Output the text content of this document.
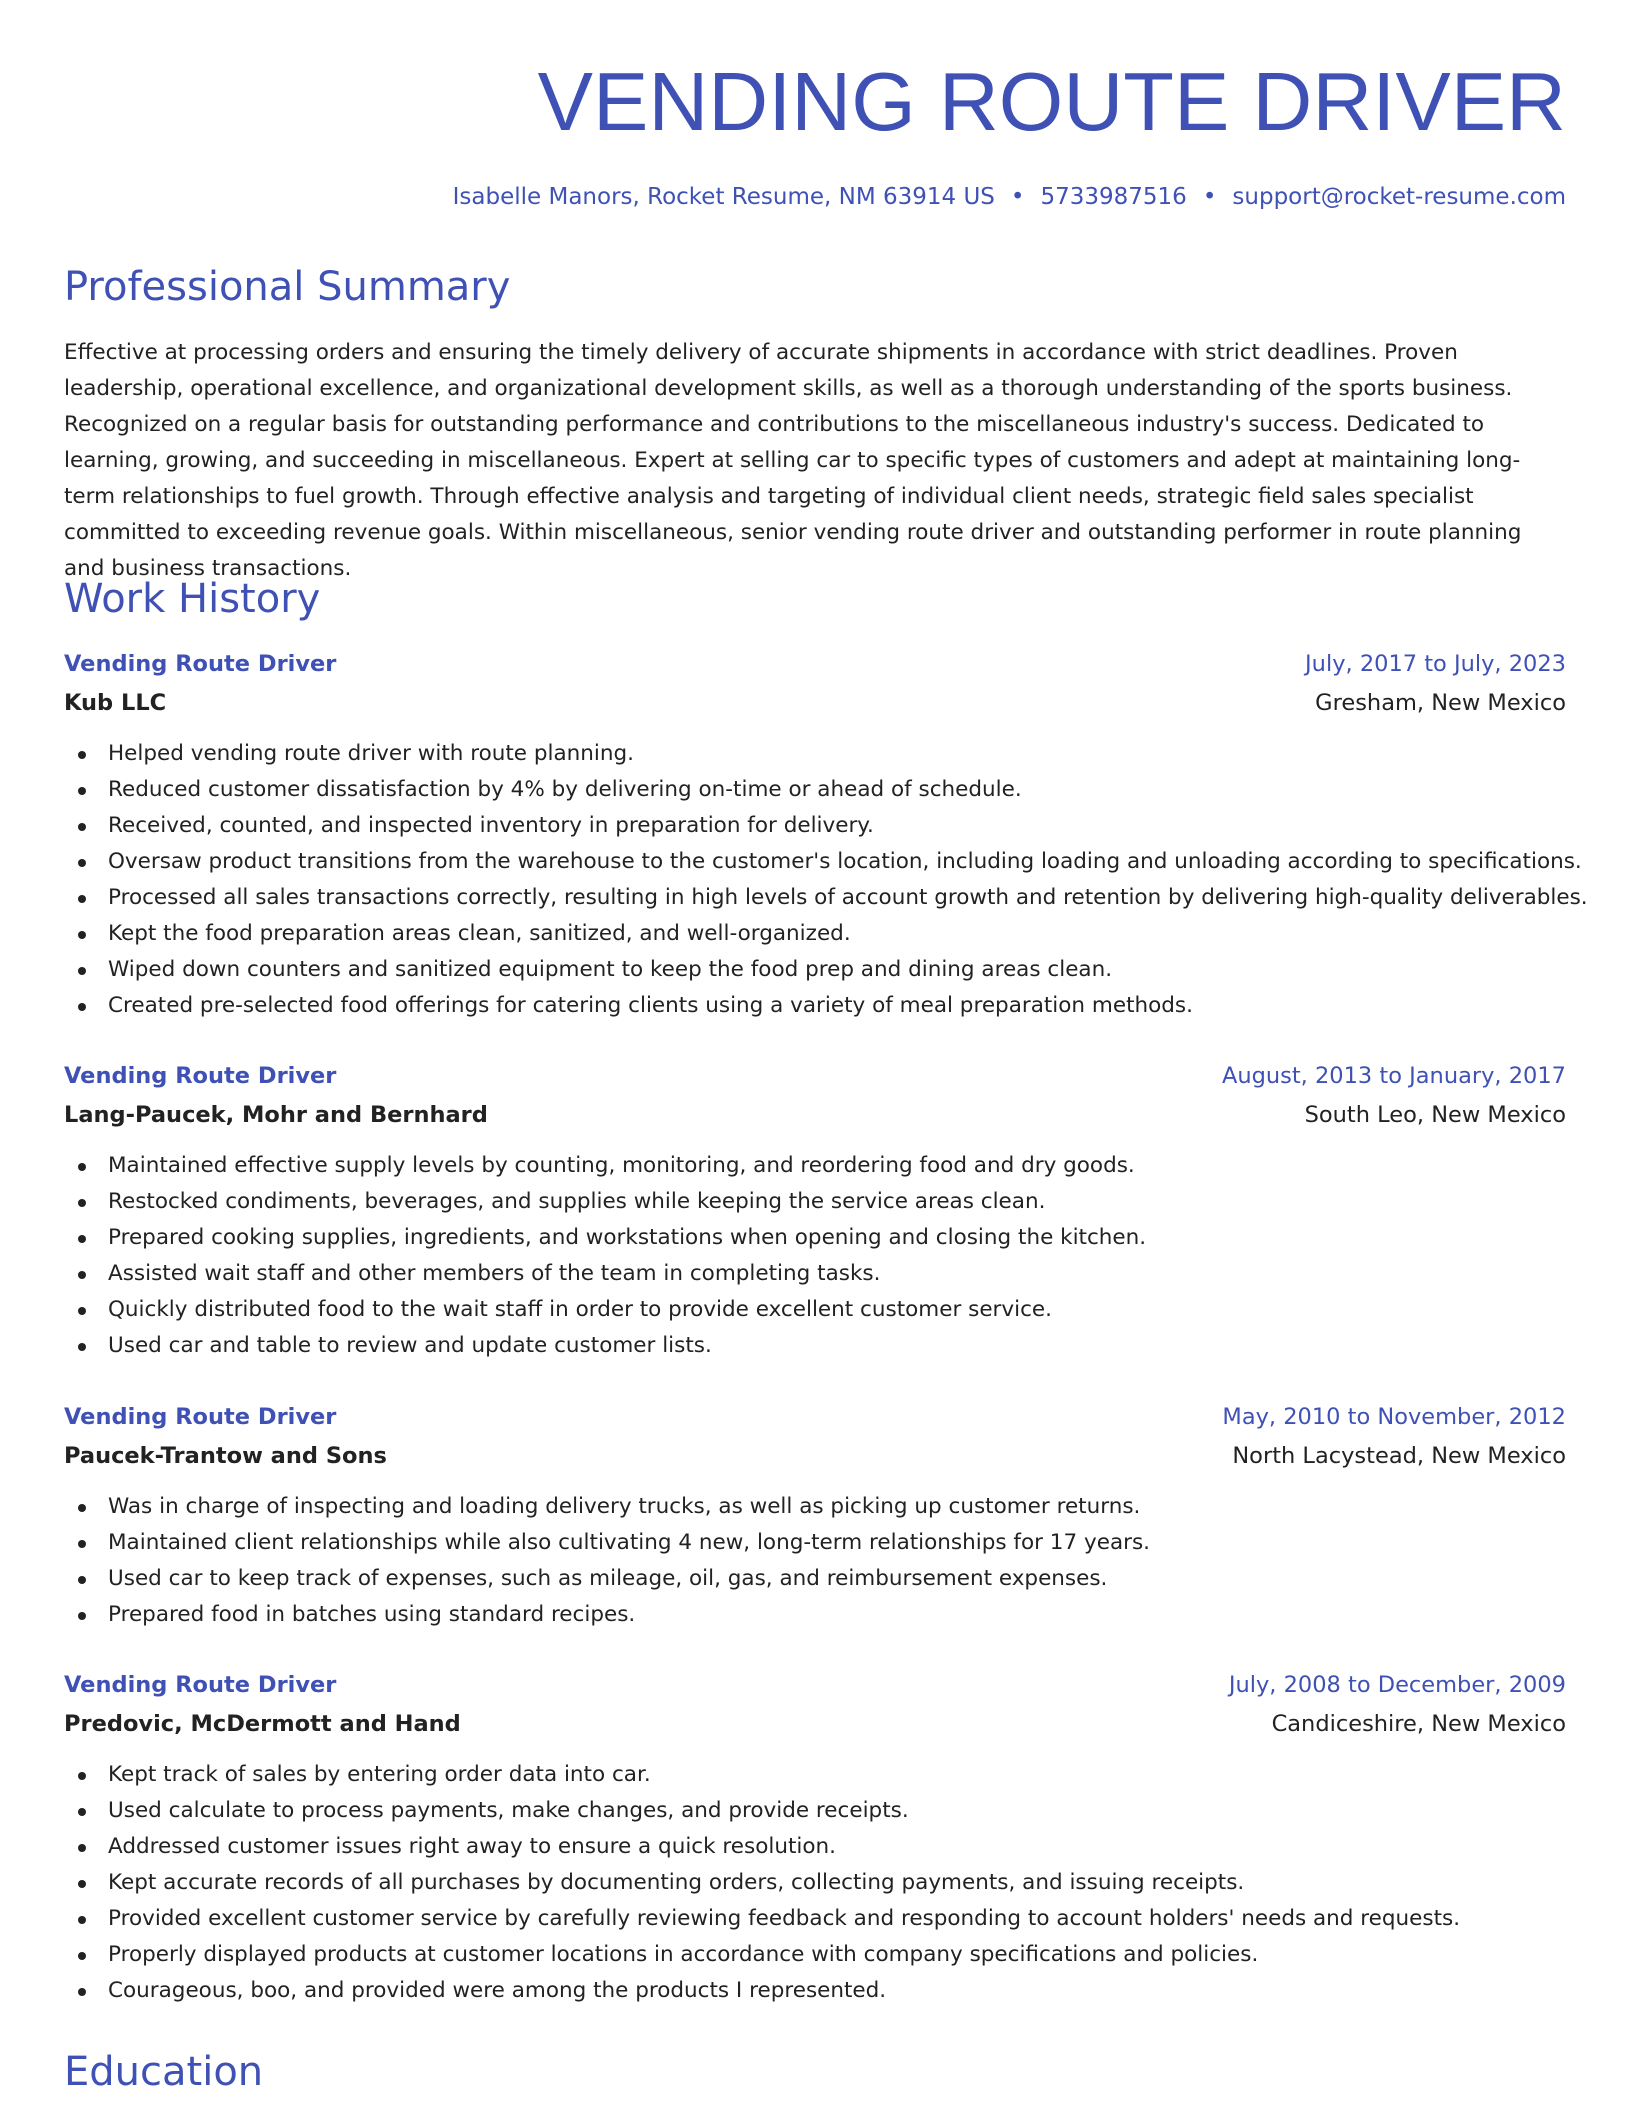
VENDING ROUTE DRIVER
Isabelle Manors, Rocket Resume, NM 63914 US • 5733987516 • support@rocket-resume.com
Professional Summary

Effective at processing orders and ensuring the timely delivery of accurate shipments in accordance with strict deadlines. Proven leadership, operational excellence, and organizational development skills, as well as a thorough understanding of the sports business. Recognized on a regular basis for outstanding performance and contributions to the miscellaneous industry's success. Dedicated to learning, growing, and succeeding in miscellaneous. Expert at selling car to specific types of customers and adept at maintaining long-term relationships to fuel growth. Through effective analysis and targeting of individual client needs, strategic field sales specialist committed to exceeding revenue goals. Within miscellaneous, senior vending route driver and outstanding performer in route planning and business transactions.

Work History
Vending Route Driver	July, 2017 to July, 2023
Kub LLC	Gresham, New Mexico
Helped vending route driver with route planning.
Reduced customer dissatisfaction by 4% by delivering on-time or ahead of schedule.
Received, counted, and inspected inventory in preparation for delivery.
Oversaw product transitions from the warehouse to the customer's location, including loading and unloading according to specifications.
Processed all sales transactions correctly, resulting in high levels of account growth and retention by delivering high-quality deliverables.
Kept the food preparation areas clean, sanitized, and well-organized.
Wiped down counters and sanitized equipment to keep the food prep and dining areas clean.
Created pre-selected food offerings for catering clients using a variety of meal preparation methods.
Vending Route Driver	August, 2013 to January, 2017
Lang-Paucek, Mohr and Bernhard	South Leo, New Mexico
Maintained effective supply levels by counting, monitoring, and reordering food and dry goods.
Restocked condiments, beverages, and supplies while keeping the service areas clean.
Prepared cooking supplies, ingredients, and workstations when opening and closing the kitchen.
Assisted wait staff and other members of the team in completing tasks.
Quickly distributed food to the wait staff in order to provide excellent customer service.
Used car and table to review and update customer lists.
Vending Route Driver	May, 2010 to November, 2012
Paucek-Trantow and Sons	North Lacystead, New Mexico
Was in charge of inspecting and loading delivery trucks, as well as picking up customer returns.
Maintained client relationships while also cultivating 4 new, long-term relationships for 17 years.
Used car to keep track of expenses, such as mileage, oil, gas, and reimbursement expenses.
Prepared food in batches using standard recipes.
Vending Route Driver	July, 2008 to December, 2009
Predovic, McDermott and Hand	Candiceshire, New Mexico
Kept track of sales by entering order data into car.
Used calculate to process payments, make changes, and provide receipts.
Addressed customer issues right away to ensure a quick resolution.
Kept accurate records of all purchases by documenting orders, collecting payments, and issuing receipts.
Provided excellent customer service by carefully reviewing feedback and responding to account holders' needs and requests.
Properly displayed products at customer locations in accordance with company specifications and policies.
Courageous, boo, and provided were among the products I represented.
Education
